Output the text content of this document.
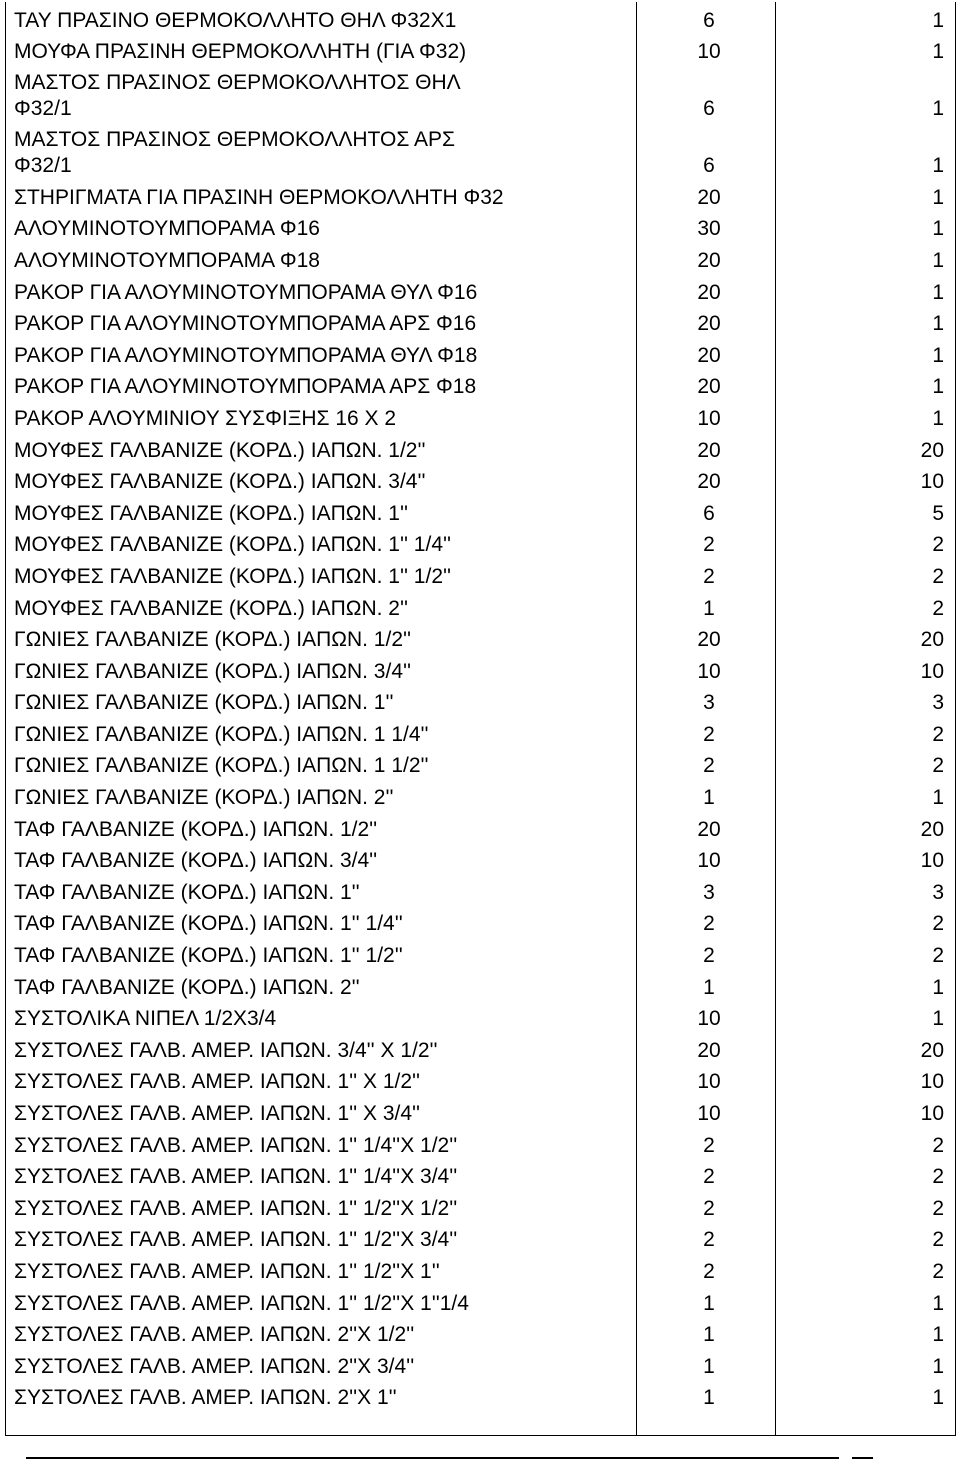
ΤΑΥ ΠΡΑΣΙΝΟ ΘΕΡΜΟΚΟΛΛΗΤΟ ΘΗΛ Φ32Χ1	6	1
ΜΟΥΦΑ ΠΡΑΣΙΝΗ ΘΕΡΜΟΚΟΛΛΗΤΗ (ΓΙΑ Φ32)	10	1
ΜΑΣΤΟΣ ΠΡΑΣΙΝΟΣ ΘΕΡΜΟΚΟΛΛΗΤΟΣ ΘΗΛ
Φ32/1	6	1
ΜΑΣΤΟΣ ΠΡΑΣΙΝΟΣ ΘΕΡΜΟΚΟΛΛΗΤΟΣ ΑΡΣ
Φ32/1	6	1
ΣΤΗΡΙΓΜΑΤΑ ΓΙΑ ΠΡΑΣΙΝΗ ΘΕΡΜΟΚΟΛΛΗΤΗ Φ32	20	1
ΑΛΟΥΜΙΝΟΤΟΥΜΠΟΡΑΜΑ Φ16	30	1
ΑΛΟΥΜΙΝΟΤΟΥΜΠΟΡΑΜΑ Φ18	20	1
ΡΑΚΟΡ ΓΙΑ ΑΛΟΥΜΙΝΟΤΟΥΜΠΟΡΑΜΑ ΘΥΛ Φ16	20	1
ΡΑΚΟΡ ΓΙΑ ΑΛΟΥΜΙΝΟΤΟΥΜΠΟΡΑΜΑ ΑΡΣ Φ16	20	1
ΡΑΚΟΡ ΓΙΑ ΑΛΟΥΜΙΝΟΤΟΥΜΠΟΡΑΜΑ ΘΥΛ Φ18	20	1
ΡΑΚΟΡ ΓΙΑ ΑΛΟΥΜΙΝΟΤΟΥΜΠΟΡΑΜΑ ΑΡΣ Φ18	20	1
ΡΑΚΟΡ ΑΛΟΥΜΙΝΙΟΥ ΣΥΣΦΙΞΗΣ 16 Χ 2	10	1
ΜΟΥΦΕΣ ΓΑΛΒΑΝΙΖΕ (ΚΟΡΔ.) ΙΑΠΩΝ. 1/2''	20	20
ΜΟΥΦΕΣ ΓΑΛΒΑΝΙΖΕ (ΚΟΡΔ.) ΙΑΠΩΝ. 3/4''	20	10
ΜΟΥΦΕΣ ΓΑΛΒΑΝΙΖΕ (ΚΟΡΔ.) ΙΑΠΩΝ. 1''	6	5
ΜΟΥΦΕΣ ΓΑΛΒΑΝΙΖΕ (ΚΟΡΔ.) ΙΑΠΩΝ. 1'' 1/4''	2	2
ΜΟΥΦΕΣ ΓΑΛΒΑΝΙΖΕ (ΚΟΡΔ.) ΙΑΠΩΝ. 1'' 1/2''	2	2
ΜΟΥΦΕΣ ΓΑΛΒΑΝΙΖΕ (ΚΟΡΔ.) ΙΑΠΩΝ. 2''	1	2
ΓΩΝΙΕΣ ΓΑΛΒΑΝΙΖΕ (ΚΟΡΔ.) ΙΑΠΩΝ. 1/2''	20	20
ΓΩΝΙΕΣ ΓΑΛΒΑΝΙΖΕ (ΚΟΡΔ.) ΙΑΠΩΝ. 3/4''	10	10
ΓΩΝΙΕΣ ΓΑΛΒΑΝΙΖΕ (ΚΟΡΔ.) ΙΑΠΩΝ. 1''	3	3
ΓΩΝΙΕΣ ΓΑΛΒΑΝΙΖΕ (ΚΟΡΔ.) ΙΑΠΩΝ. 1 1/4''	2	2
ΓΩΝΙΕΣ ΓΑΛΒΑΝΙΖΕ (ΚΟΡΔ.) ΙΑΠΩΝ. 1 1/2''	2	2
ΓΩΝΙΕΣ ΓΑΛΒΑΝΙΖΕ (ΚΟΡΔ.) ΙΑΠΩΝ. 2''	1	1
ΤΑΦ ΓΑΛΒΑΝΙΖΕ (ΚΟΡΔ.) ΙΑΠΩΝ. 1/2''	20	20
ΤΑΦ ΓΑΛΒΑΝΙΖΕ (ΚΟΡΔ.) ΙΑΠΩΝ. 3/4''	10	10
ΤΑΦ ΓΑΛΒΑΝΙΖΕ (ΚΟΡΔ.) ΙΑΠΩΝ. 1''	3	3
ΤΑΦ ΓΑΛΒΑΝΙΖΕ (ΚΟΡΔ.) ΙΑΠΩΝ. 1'' 1/4''	2	2
ΤΑΦ ΓΑΛΒΑΝΙΖΕ (ΚΟΡΔ.) ΙΑΠΩΝ. 1'' 1/2''	2	2
ΤΑΦ ΓΑΛΒΑΝΙΖΕ (ΚΟΡΔ.) ΙΑΠΩΝ. 2''	1	1
ΣΥΣΤΟΛΙΚΑ ΝΙΠΕΛ 1/2Χ3/4	10	1
ΣΥΣΤΟΛΕΣ ΓΑΛΒ. ΑΜΕΡ. ΙΑΠΩΝ. 3/4'' Χ 1/2''	20	20
ΣΥΣΤΟΛΕΣ ΓΑΛΒ. ΑΜΕΡ. ΙΑΠΩΝ. 1'' Χ 1/2''	10	10
ΣΥΣΤΟΛΕΣ ΓΑΛΒ. ΑΜΕΡ. ΙΑΠΩΝ. 1'' Χ 3/4''	10	10
ΣΥΣΤΟΛΕΣ ΓΑΛΒ. ΑΜΕΡ. ΙΑΠΩΝ. 1'' 1/4''Χ 1/2''	2	2
ΣΥΣΤΟΛΕΣ ΓΑΛΒ. ΑΜΕΡ. ΙΑΠΩΝ. 1'' 1/4''Χ 3/4''	2	2
ΣΥΣΤΟΛΕΣ ΓΑΛΒ. ΑΜΕΡ. ΙΑΠΩΝ. 1'' 1/2''Χ 1/2''	2	2
ΣΥΣΤΟΛΕΣ ΓΑΛΒ. ΑΜΕΡ. ΙΑΠΩΝ. 1'' 1/2''Χ 3/4''	2	2
ΣΥΣΤΟΛΕΣ ΓΑΛΒ. ΑΜΕΡ. ΙΑΠΩΝ. 1'' 1/2''Χ 1''	2	2
ΣΥΣΤΟΛΕΣ ΓΑΛΒ. ΑΜΕΡ. ΙΑΠΩΝ. 1'' 1/2''Χ 1''1/4	1	1
ΣΥΣΤΟΛΕΣ ΓΑΛΒ. ΑΜΕΡ. ΙΑΠΩΝ. 2''Χ 1/2''	1	1
ΣΥΣΤΟΛΕΣ ΓΑΛΒ. ΑΜΕΡ. ΙΑΠΩΝ. 2''Χ 3/4''	1	1
ΣΥΣΤΟΛΕΣ ΓΑΛΒ. ΑΜΕΡ. ΙΑΠΩΝ. 2''Χ 1''	1	1
